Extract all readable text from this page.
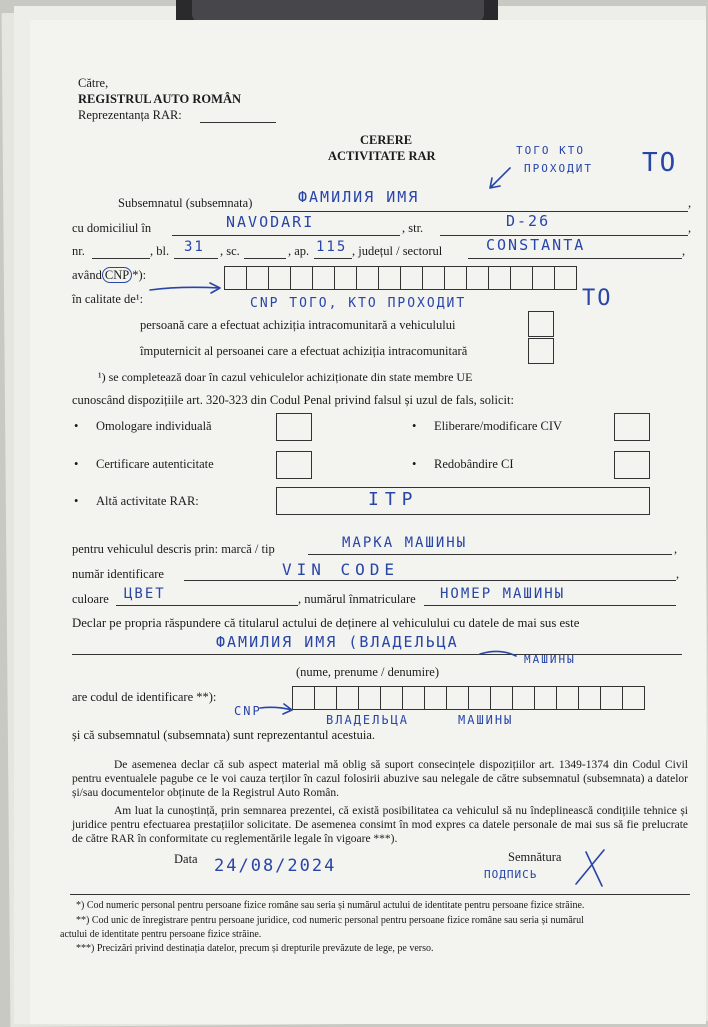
Către,
REGISTRUL AUTO ROMÂN
Reprezentanța RAR:
CERERE
ACTIVITATE RAR	ТОГО КТО
ПРОХОДИТ ТО
Subsemnatul (subsemnata)	ФАМИЛИЯ ИМЯ	,
cu domiciliul în	NAVODARI	, str.	D-26	,
nr.	, bl. 31 , sc.	, ap. 115 , județul / sectorul	CONSTANTA	,
având CNP *):
în calitate de¹:	CNP ТОГО, КТО ПРОХОДИТ	ТО
persoană care a efectuat achiziția intracomunitară a vehiculului
împuternicit al persoanei care a efectuat achiziția intracomunitară
¹) se completează doar în cazul vehiculelor achiziționate din state membre UE
cunoscând dispozițiile art. 320-323 din Codul Penal privind falsul și uzul de fals, solicit:
• Omologare individuală	• Eliberare/modificare CIV
• Certificare autenticitate	• Redobândire CI
• Altă activitate RAR:	ITP
pentru vehiculul descris prin: marcă / tip	МАРКА МАШИНЫ	,
număr identificare	VIN CODE	,
culoare ЦВЕТ	, numărul înmatriculare НОМЕР МАШИНЫ
Declar pe propria răspundere că titularul actului de deținere al vehiculului cu datele de mai sus este
ФАМИЛИЯ ИМЯ (ВЛАДЕЛЬЦА
МАШИНЫ
(nume, prenume / denumire)
are codul de identificare **):
CNP
ВЛАДЕЛЬЦА	МАШИНЫ
și că subsemnatul (subsemnata) sunt reprezentantul acestuia.
De asemenea declar că sub aspect material mă oblig să suport consecințele dispozițiilor art. 1349-1374 din Codul Civil pentru eventualele pagube ce le voi cauza terților în cazul folosirii abuzive sau nelegale de către subsemnatul (subsemnata) a datelor și/sau documentelor obținute de la Registrul Auto Român.
Am luat la cunoștință, prin semnarea prezentei, că există posibilitatea ca vehiculul să nu îndeplinească condițiile tehnice și juridice pentru efectuarea prestațiilor solicitate. De asemenea consimt în mod expres ca datele personale de mai sus să fie prelucrate de către RAR în conformitate cu reglementările legale în vigoare ***).
Data 24/08/2024	Semnătura
ПОДПИСЬ
*) Cod numeric personal pentru persoane fizice române sau seria și numărul actului de identitate pentru persoane fizice străine.
**) Cod unic de înregistrare pentru persoane juridice, cod numeric personal pentru persoane fizice române sau seria și numărul
actului de identitate pentru persoane fizice străine.
***) Precizări privind destinația datelor, precum și drepturile prevăzute de lege, pe verso.
